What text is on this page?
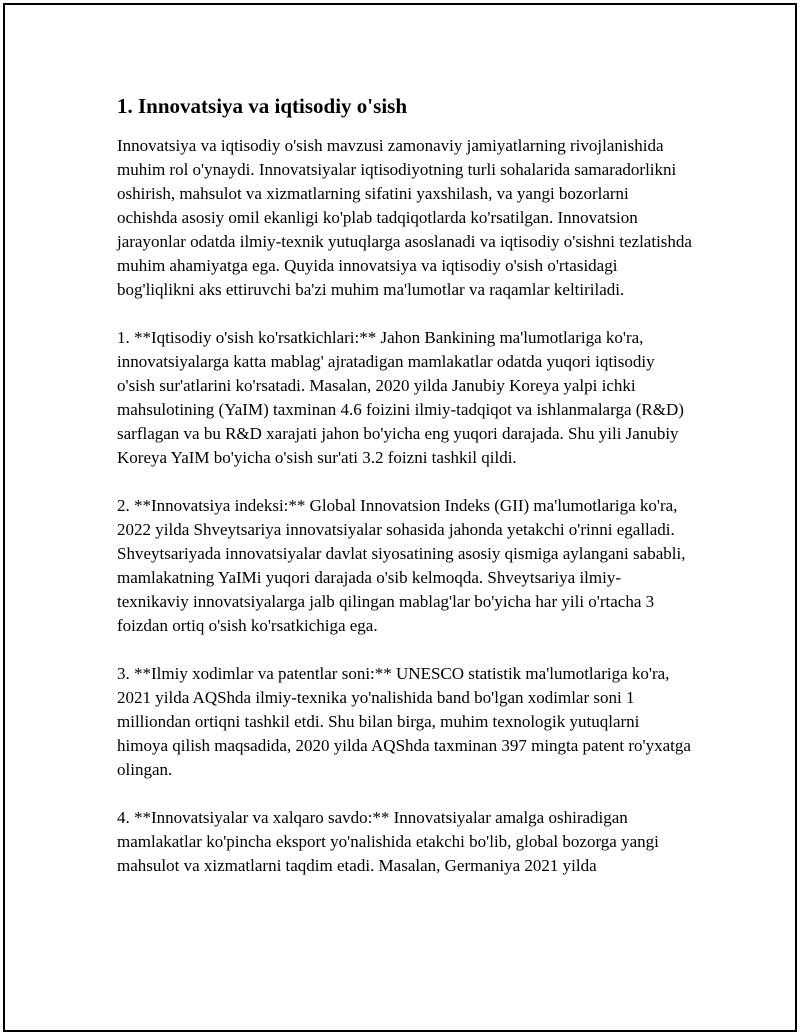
1. Innovatsiya va iqtisodiy o'sish

Innovatsiya va iqtisodiy o'sish mavzusi zamonaviy jamiyatlarning rivojlanishida muhim rol o'ynaydi. Innovatsiyalar iqtisodiyotning turli sohalarida samaradorlikni oshirish, mahsulot va xizmatlarning sifatini yaxshilash, va yangi bozorlarni ochishda asosiy omil ekanligi ko'plab tadqiqotlarda ko'rsatilgan. Innovatsion jarayonlar odatda ilmiy-texnik yutuqlarga asoslanadi va iqtisodiy o'sishni tezlatishda muhim ahamiyatga ega. Quyida innovatsiya va iqtisodiy o'sish o'rtasidagi bog'liqlikni aks ettiruvchi ba'zi muhim ma'lumotlar va raqamlar keltiriladi.

1. **Iqtisodiy o'sish ko'rsatkichlari:** Jahon Bankining ma'lumotlariga ko'ra, innovatsiyalarga katta mablag' ajratadigan mamlakatlar odatda yuqori iqtisodiy o'sish sur'atlarini ko'rsatadi. Masalan, 2020 yilda Janubiy Koreya yalpi ichki mahsulotining (YaIM) taxminan 4.6 foizini ilmiy-tadqiqot va ishlanmalarga (R&D) sarflagan va bu R&D xarajati jahon bo'yicha eng yuqori darajada. Shu yili Janubiy Koreya YaIM bo'yicha o'sish sur'ati 3.2 foizni tashkil qildi.

2. **Innovatsiya indeksi:** Global Innovatsion Indeks (GII) ma'lumotlariga ko'ra, 2022 yilda Shveytsariya innovatsiyalar sohasida jahonda yetakchi o'rinni egalladi. Shveytsariyada innovatsiyalar davlat siyosatining asosiy qismiga aylangani sababli, mamlakatning YaIMi yuqori darajada o'sib kelmoqda. Shveytsariya ilmiy-texnikaviy innovatsiyalarga jalb qilingan mablag'lar bo'yicha har yili o'rtacha 3 foizdan ortiq o'sish ko'rsatkichiga ega.

3. **Ilmiy xodimlar va patentlar soni:** UNESCO statistik ma'lumotlariga ko'ra, 2021 yilda AQShda ilmiy-texnika yo'nalishida band bo'lgan xodimlar soni 1 milliondan ortiqni tashkil etdi. Shu bilan birga, muhim texnologik yutuqlarni himoya qilish maqsadida, 2020 yilda AQShda taxminan 397 mingta patent ro'yxatga olingan.

4. **Innovatsiyalar va xalqaro savdo:** Innovatsiyalar amalga oshiradigan mamlakatlar ko'pincha eksport yo'nalishida etakchi bo'lib, global bozorga yangi mahsulot va xizmatlarni taqdim etadi. Masalan, Germaniya 2021 yilda
